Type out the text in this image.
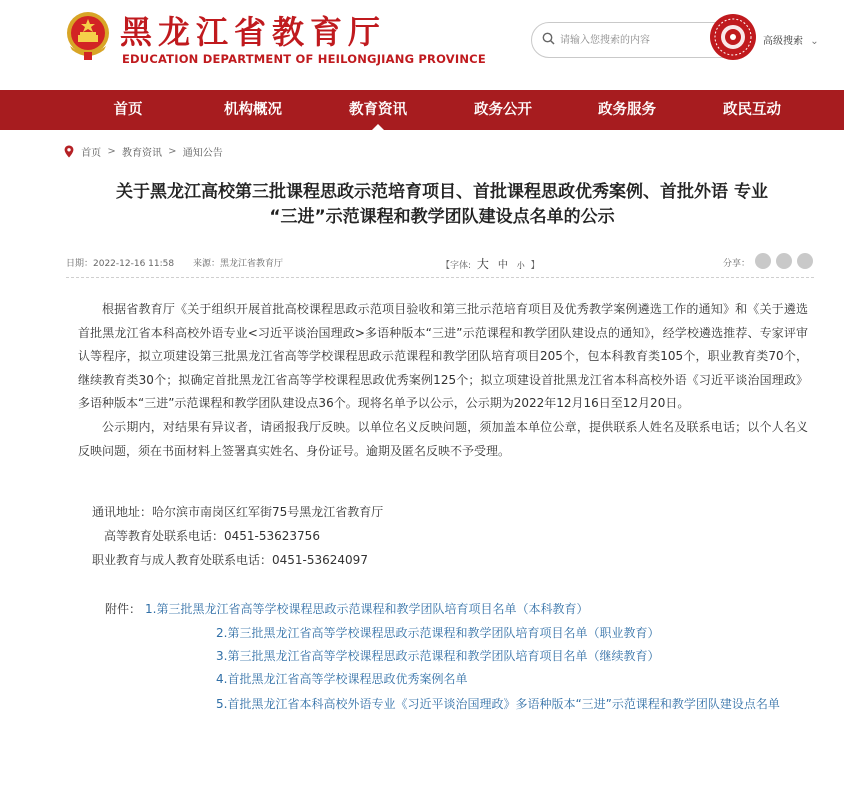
黑龙江省教育厅
EDUCATION DEPARTMENT OF HEILONGJIANG PROVINCE
请输入您搜索的内容
高级搜索 ⌄
首页	机构概况	教育资讯	政务公开	政务服务	政民互动
首页 > 教育资讯 > 通知公告
关于黑龙江高校第三批课程思政示范培育项目、首批课程思政优秀案例、首批外语 专业
“三进”示范课程和教学团队建设点名单的公示
日期：2022-12-16 11:58 来源：黑龙江省教育厅	【字体: 大 中 小 】	分享：

根据省教育厅《关于组织开展首批高校课程思政示范项目验收和第三批示范培育项目及优秀教学案例遴选工作的通知》和《关于遴选首批黑龙江省本科高校外语专业<习近平谈治国理政>多语种版本“三进”示范课程和教学团队建设点的通知》，经学校遴选推荐、专家评审认等程序，拟立项建设第三批黑龙江省高等学校课程思政示范课程和教学团队培育项目205个，包本科教育类105个，职业教育类70个，继续教育类30个；拟确定首批黑龙江省高等学校课程思政优秀案例125个；拟立项建设首批黑龙江省本科高校外语《习近平谈治国理政》多语种版本“三进”示范课程和教学团队建设点36个。现将名单予以公示，公示期为2022年12月16日至12月20日。

公示期内，对结果有异议者，请函报我厅反映。以单位名义反映问题，须加盖本单位公章，提供联系人姓名及联系电话；以个人名义反映问题，须在书面材料上签署真实姓名、身份证号。逾期及匿名反映不予受理。

通讯地址：哈尔滨市南岗区红军街75号黑龙江省教育厅
高等教育处联系电话：0451-53623756
职业教育与成人教育处联系电话：0451-53624097
附件： 1.第三批黑龙江省高等学校课程思政示范课程和教学团队培育项目名单（本科教育）
2.第三批黑龙江省高等学校课程思政示范课程和教学团队培育项目名单（职业教育）
3.第三批黑龙江省高等学校课程思政示范课程和教学团队培育项目名单（继续教育）
4.首批黑龙江省高等学校课程思政优秀案例名单
5.首批黑龙江省本科高校外语专业《习近平谈治国理政》多语种版本“三进”示范课程和教学团队建设点名单
